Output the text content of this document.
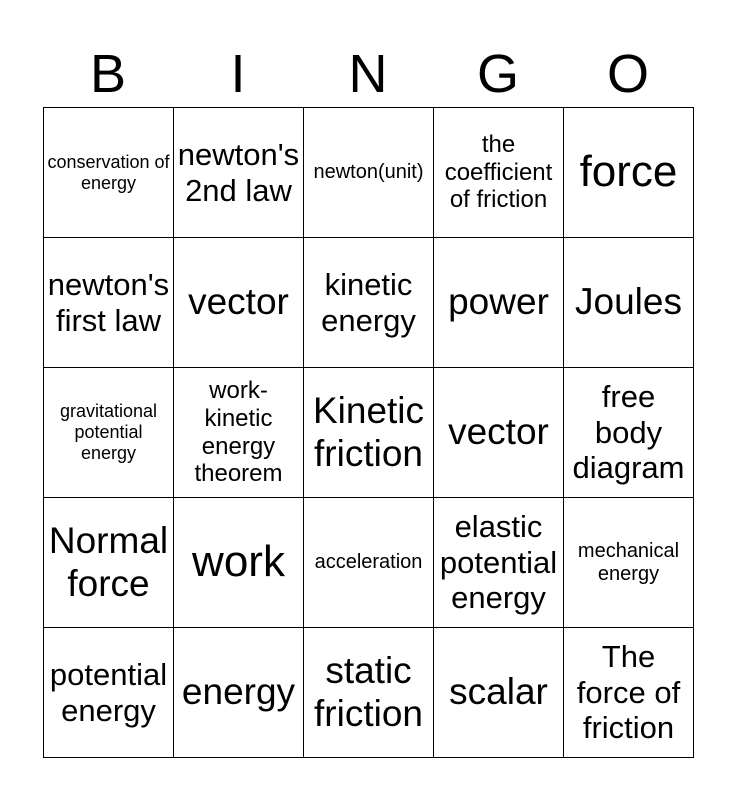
B	I	N	G	O
conservation of energy	newton's 2nd law	newton(unit)	the coefficient of friction	force
newton's first law	vector	kinetic energy	power	Joules
gravitational potential energy	work-kinetic energy theorem	Kinetic friction	vector	free body diagram
Normal force	work	acceleration	elastic potential energy	mechanical energy
potential energy	energy	static friction	scalar	The force of friction
